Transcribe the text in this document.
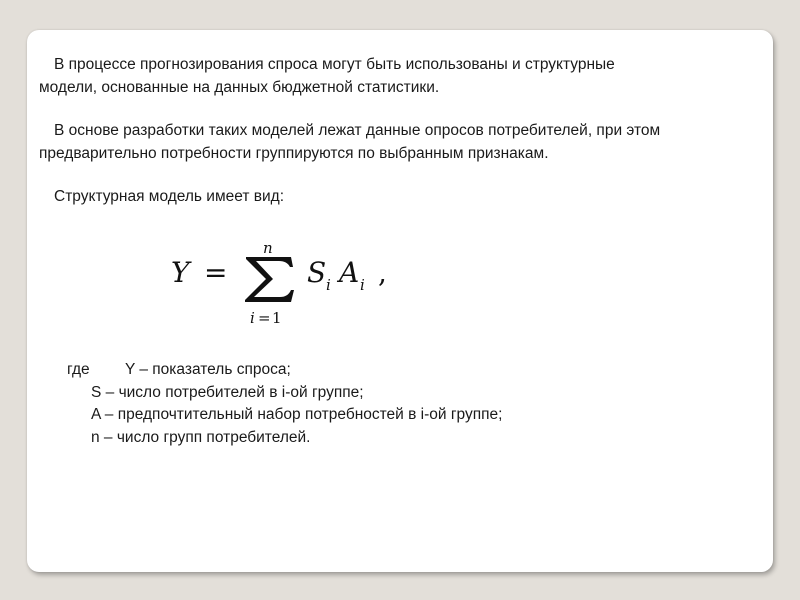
В процессе прогнозирования спроса могут быть использованы и структурные
модели, основанные на данных бюджетной статистики.

В основе разработки таких моделей лежат данные опросов потребителей, при этом
предварительно потребности группируются по выбранным признакам.

Структурная модель имеет вид:

Y =
n
i = 1
S i A i ,
где Y – показатель спроса;
S – число потребителей в i-ой группе;
A – предпочтительный набор потребностей в i-ой группе;
n – число групп потребителей.
